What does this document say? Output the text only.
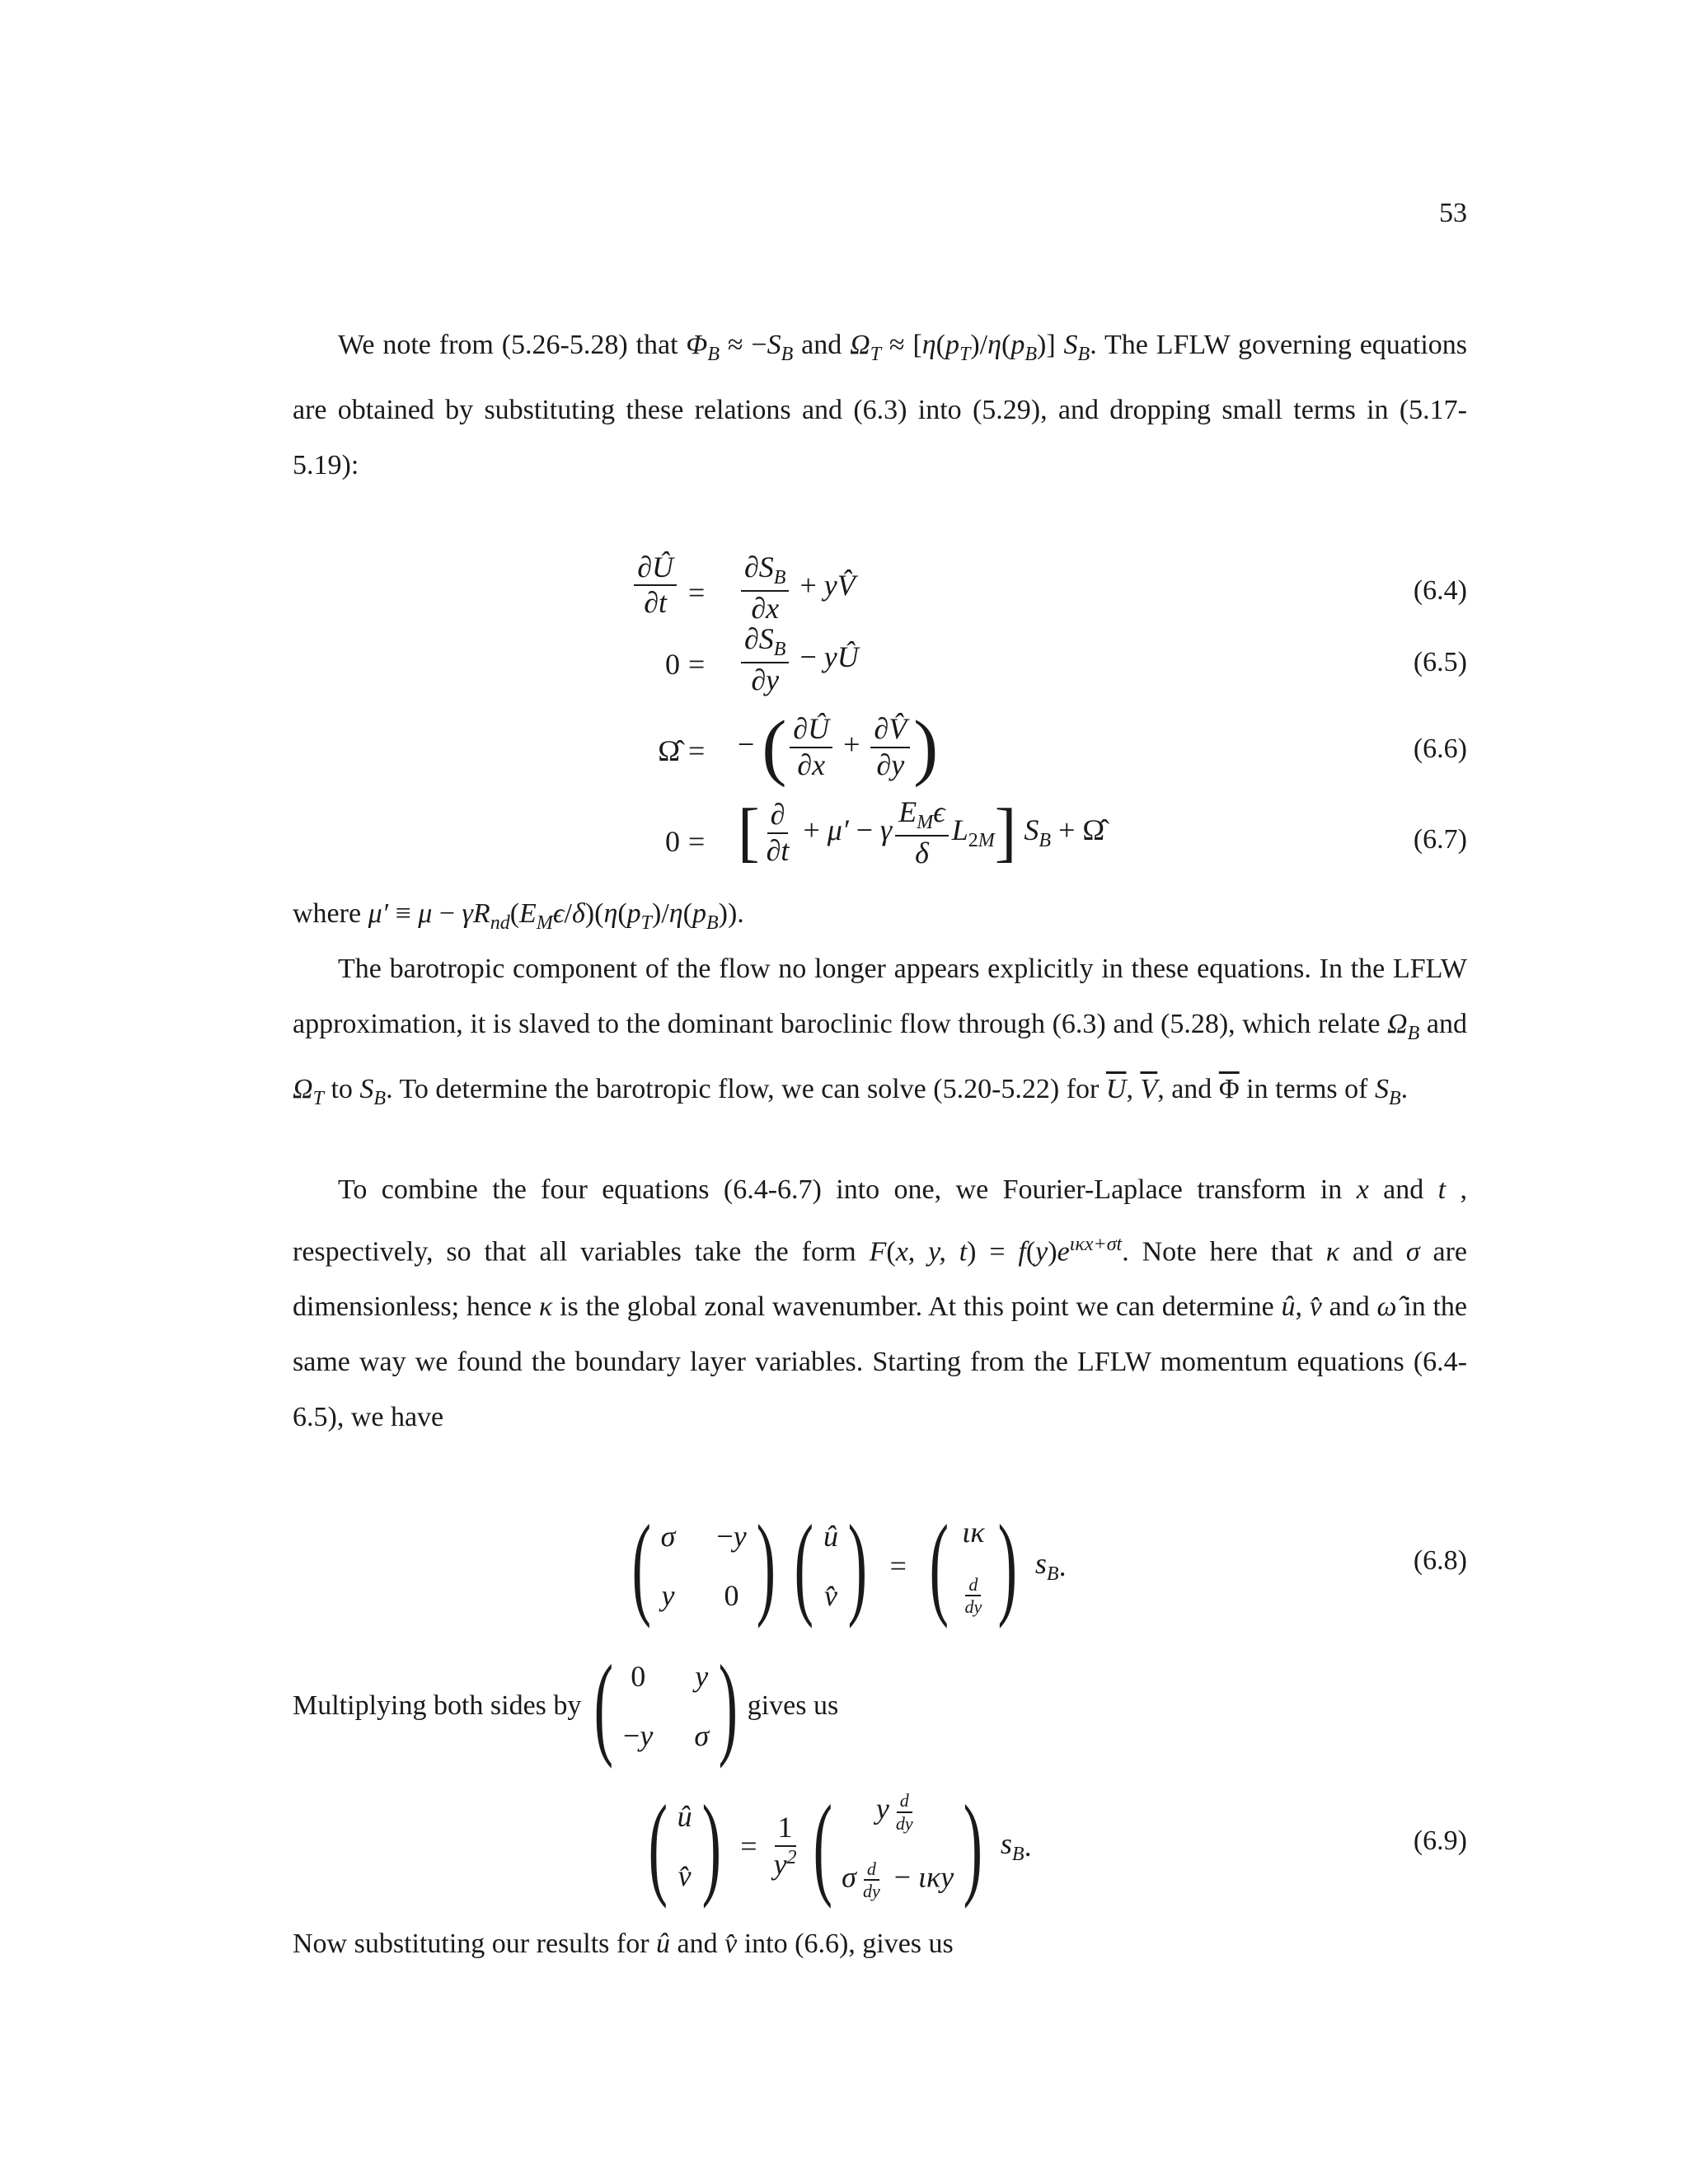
53

We note from (5.26-5.28) that $\Phi_B \approx -S_B$ and $\Omega_T \approx [\eta(p_T)/\eta(p_B)]$ $S_B$. The LFLW governing equations are obtained by substituting these relations and (6.3) into (5.29), and dropping small terms in (5.17-5.19):

$\frac{\partial Û}{\partial t} = \frac{\partial S_B}{\partial x}$ + yV̂	(6.4)
$0 = \frac{\partial S_B}{\partial y}$ − yÛ	(6.5)
Ω̂ = − ( $\frac{\partial Û}{\partial x} + \frac{\partial V̂}{\partial y}$ )	(6.6)
0 = [ $\frac{\partial}{\partial t} + \mu' - \gamma \frac{E_M\epsilon}{\delta} L_{2M}$] $S_B$ + Ω̂	(6.7)

where $\mu' \equiv \mu - \gamma R_{nd}(E_M\epsilon/\delta)(\eta(p_T)/\eta(p_B))$.

The barotropic component of the flow no longer appears explicitly in these equations. In the LFLW approximation, it is slaved to the dominant baroclinic flow through (6.3) and (5.28), which relate $\Omega_B$ and $\Omega_T$ to $S_B$. To determine the barotropic flow, we can solve (5.20-5.22) for $\overline{U}$, $\overline{V}$, and $\overline{\Phi}$ in terms of $S_B$.

To combine the four equations (6.4-6.7) into one, we Fourier-Laplace transform in x and t , respectively, so that all variables take the form F(x, y, $t) = f(y)e^{\iota\kappa x+\sigma t}$. Note here that κ and σ are dimensionless; hence κ is the global zonal wavenumber. At this point we can determine û, v̂ and ω̂ in the same way we found the boundary layer variables. Starting from the LFLW momentum equations (6.4-6.5), we have

( σ −y
y 0 ) ( û
v̂ ) = ( ικ
$\frac{d}{dy}$ ) $s_B$ .	(6.8)
Multiplying both sides by ( 0 y
−y σ ) gives us
( û
v̂ ) = $\frac{1}{y^2}$ (	y $\frac{d}{dy}$
σ $\frac{d}{dy} - \iota\kappa y$ ) $s_B$ .	(6.9)

Now substituting our results for û and v̂ into (6.6), gives us
